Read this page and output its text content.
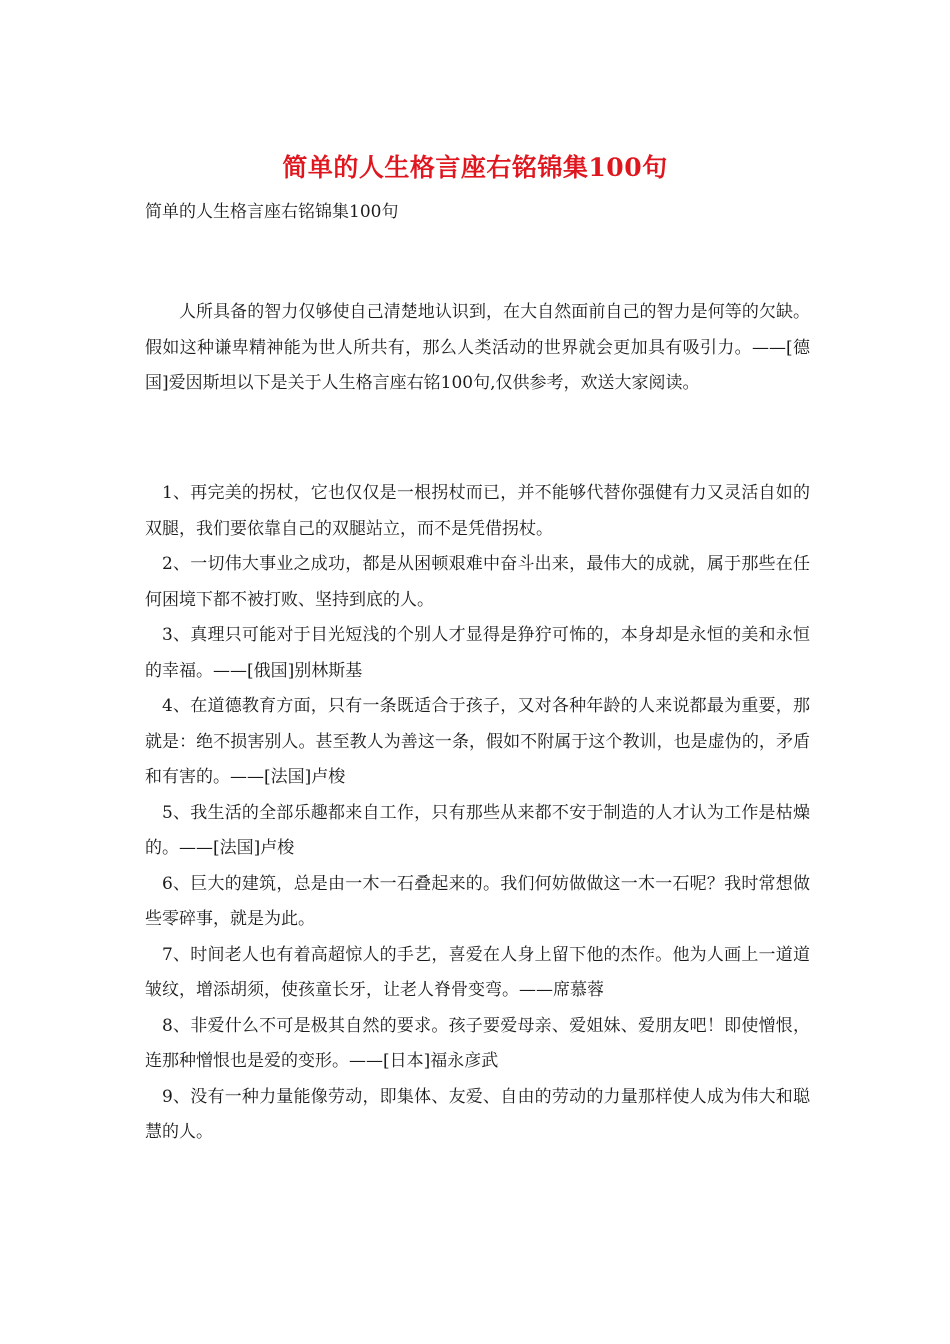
简单的人生格言座右铭锦集100句
简单的人生格言座右铭锦集100句

人所具备的智力仅够使自己清楚地认识到，在大自然面前自己的智力是何等的欠缺。假如这种谦卑精神能为世人所共有，那么人类活动的世界就会更加具有吸引力。——[德国]爱因斯坦以下是关于人生格言座右铭100句,仅供参考，欢送大家阅读。

1、再完美的拐杖，它也仅仅是一根拐杖而已，并不能够代替你强健有力又灵活自如的双腿，我们要依靠自己的双腿站立，而不是凭借拐杖。
2、一切伟大事业之成功，都是从困顿艰难中奋斗出来，最伟大的成就，属于那些在任何困境下都不被打败、坚持到底的人。
3、真理只可能对于目光短浅的个别人才显得是狰狞可怖的，本身却是永恒的美和永恒的幸福。——[俄国]别林斯基
4、在道德教育方面，只有一条既适合于孩子，又对各种年龄的人来说都最为重要，那就是：绝不损害别人。甚至教人为善这一条，假如不附属于这个教训，也是虚伪的，矛盾和有害的。——[法国]卢梭
5、我生活的全部乐趣都来自工作，只有那些从来都不安于制造的人才认为工作是枯燥的。——[法国]卢梭
6、巨大的建筑，总是由一木一石叠起来的。我们何妨做做这一木一石呢？我时常想做些零碎事，就是为此。
7、时间老人也有着高超惊人的手艺，喜爱在人身上留下他的杰作。他为人画上一道道皱纹，增添胡须，使孩童长牙，让老人脊骨变弯。——席慕蓉
8、非爱什么不可是极其自然的要求。孩子要爱母亲、爱姐妹、爱朋友吧！即使憎恨，连那种憎恨也是爱的变形。——[日本]福永彦武
9、没有一种力量能像劳动，即集体、友爱、自由的劳动的力量那样使人成为伟大和聪慧的人。
